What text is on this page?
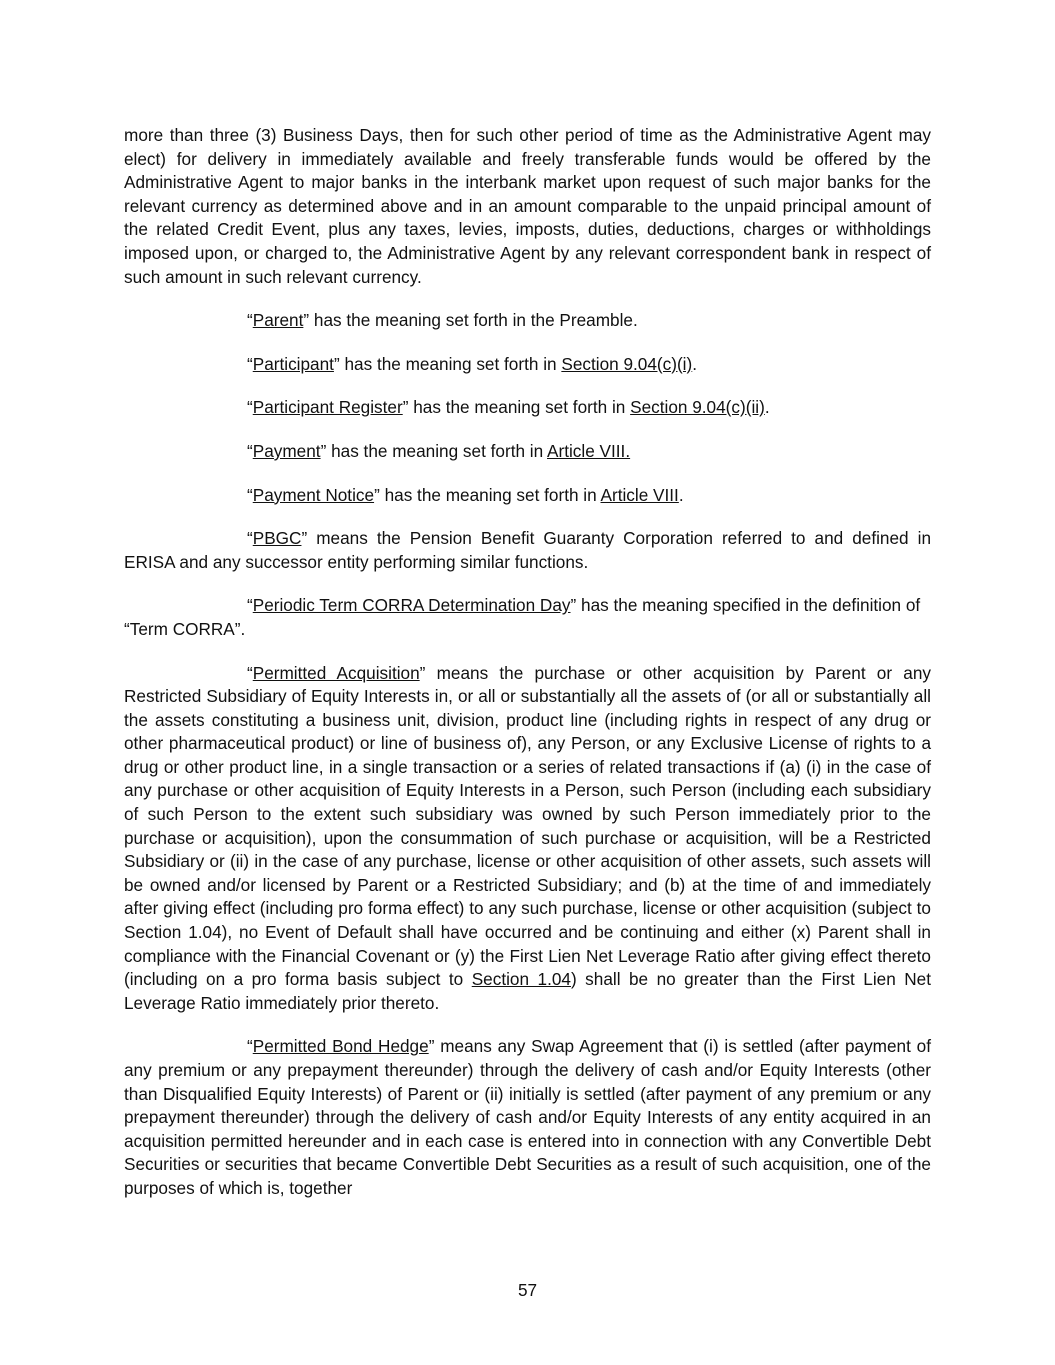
more than three (3) Business Days, then for such other period of time as the Administrative Agent may elect) for delivery in immediately available and freely transferable funds would be offered by the Administrative Agent to major banks in the interbank market upon request of such major banks for the relevant currency as determined above and in an amount comparable to the unpaid principal amount of the related Credit Event, plus any taxes, levies, imposts, duties, deductions, charges or withholdings imposed upon, or charged to, the Administrative Agent by any relevant correspondent bank in respect of such amount in such relevant currency.

“Parent” has the meaning set forth in the Preamble.

“Participant” has the meaning set forth in Section 9.04(c)(i).

“Participant Register” has the meaning set forth in Section 9.04(c)(ii).

“Payment” has the meaning set forth in Article VIII.

“Payment Notice” has the meaning set forth in Article VIII.

“PBGC” means the Pension Benefit Guaranty Corporation referred to and defined in ERISA and any successor entity performing similar functions.

“Periodic Term CORRA Determination Day” has the meaning specified in the definition of “Term CORRA”.

“Permitted Acquisition” means the purchase or other acquisition by Parent or any Restricted Subsidiary of Equity Interests in, or all or substantially all the assets of (or all or substantially all the assets constituting a business unit, division, product line (including rights in respect of any drug or other pharmaceutical product) or line of business of), any Person, or any Exclusive License of rights to a drug or other product line, in a single transaction or a series of related transactions if (a) (i) in the case of any purchase or other acquisition of Equity Interests in a Person, such Person (including each subsidiary of such Person to the extent such subsidiary was owned by such Person immediately prior to the purchase or acquisition), upon the consummation of such purchase or acquisition, will be a Restricted Subsidiary or (ii) in the case of any purchase, license or other acquisition of other assets, such assets will be owned and/or licensed by Parent or a Restricted Subsidiary; and (b) at the time of and immediately after giving effect (including pro forma effect) to any such purchase, license or other acquisition (subject to Section 1.04), no Event of Default shall have occurred and be continuing and either (x) Parent shall in compliance with the Financial Covenant or (y) the First Lien Net Leverage Ratio after giving effect thereto (including on a pro forma basis subject to Section 1.04) shall be no greater than the First Lien Net Leverage Ratio immediately prior thereto.

“Permitted Bond Hedge” means any Swap Agreement that (i) is settled (after payment of any premium or any prepayment thereunder) through the delivery of cash and/or Equity Interests (other than Disqualified Equity Interests) of Parent or (ii) initially is settled (after payment of any premium or any prepayment thereunder) through the delivery of cash and/or Equity Interests of any entity acquired in an acquisition permitted hereunder and in each case is entered into in connection with any Convertible Debt Securities or securities that became Convertible Debt Securities as a result of such acquisition, one of the purposes of which is, together

57
